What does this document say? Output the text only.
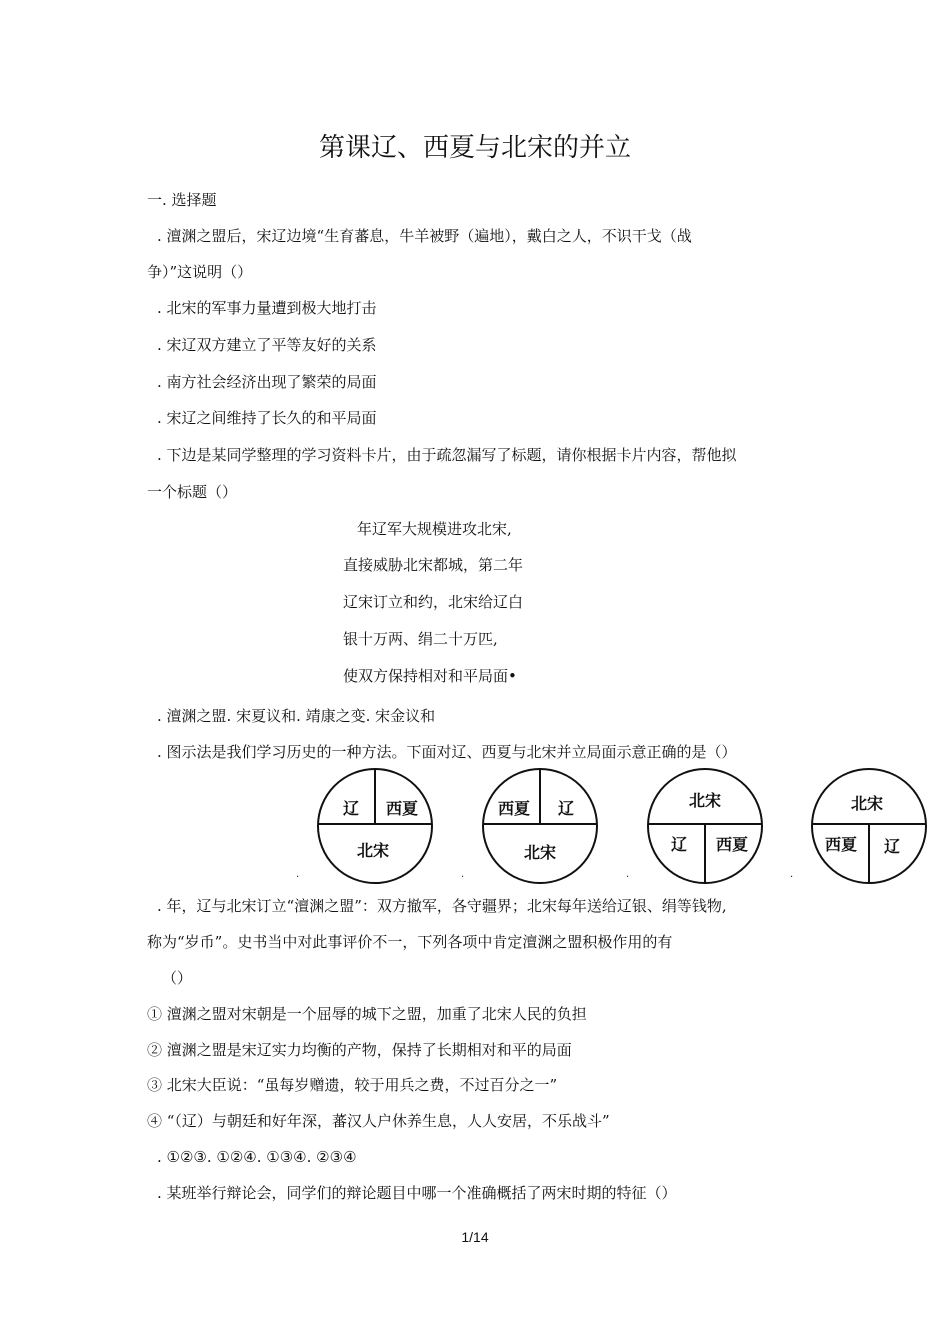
第课辽、西夏与北宋的并立
一. 选择题
. 澶渊之盟后，宋辽边境“生育蕃息，牛羊被野（遍地），戴白之人，不识干戈（战
争）”这说明（）
. 北宋的军事力量遭到极大地打击
. 宋辽双方建立了平等友好的关系
. 南方社会经济出现了繁荣的局面
. 宋辽之间维持了长久的和平局面
. 下边是某同学整理的学习资料卡片，由于疏忽漏写了标题，请你根据卡片内容，帮他拟
一个标题（）
年辽军大规模进攻北宋,
直接威胁北宋都城，第二年
辽宋订立和约，北宋给辽白
银十万两、绢二十万匹,
使双方保持相对和平局面•
. 澶渊之盟. 宋夏议和. 靖康之变. 宋金议和
. 图示法是我们学习历史的一种方法。下面对辽、西夏与北宋并立局面示意正确的是（）
辽 西夏
北宋
.
西夏 辽
北宋
.
北宋
辽 西夏
.
北宋
西夏 辽
.
. 年，辽与北宋订立“澶渊之盟”：双方撤军，各守疆界；北宋每年送给辽银、绢等钱物,
称为“岁币”。史书当中对此事评价不一，下列各项中肯定澶渊之盟积极作用的有
（）
① 澶渊之盟对宋朝是一个屈辱的城下之盟，加重了北宋人民的负担
② 澶渊之盟是宋辽实力均衡的产物，保持了长期相对和平的局面
③ 北宋大臣说：“虽每岁赠遗，较于用兵之费，不过百分之一”
④ “（辽）与朝廷和好年深，蕃汉人户休养生息，人人安居，不乐战斗”
. ①②③. ①②④. ①③④. ②③④
. 某班举行辩论会，同学们的辩论题目中哪一个准确概括了两宋时期的特征（）
1/14
